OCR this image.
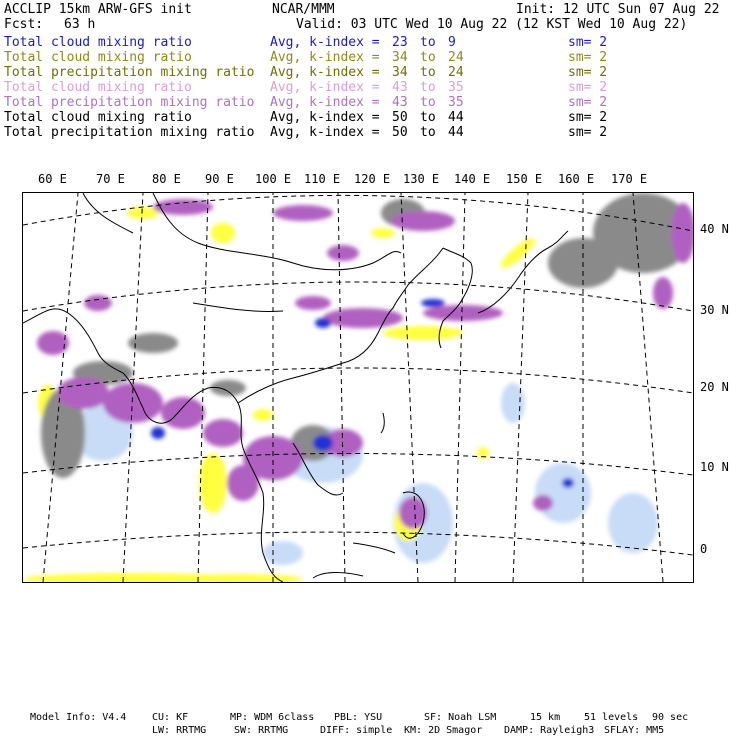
ACCLIP 15km ARW-GFS init	NCAR/MMM	Init: 12 UTC Sun 07 Aug 22
Fcst: 63 h	Valid: 03 UTC Wed 10 Aug 22 (12 KST Wed 10 Aug 22)
Total cloud mixing ratio	Avg, k-index = 23 to 9	sm= 2
Total cloud mixing ratio	Avg, k-index = 34 to 24	sm= 2
Total precipitation mixing ratio Avg, k-index = 34 to 24	sm= 2
Total cloud mixing ratio	Avg, k-index = 43 to 35	sm= 2
Total precipitation mixing ratio Avg, k-index = 43 to 35	sm= 2
Total cloud mixing ratio	Avg, k-index = 50 to 44	sm= 2
Total precipitation mixing ratio Avg, k-index = 50 to 44	sm= 2
60 E 70 E 80 E 90 E 100 E 110 E 120 E 130 E 140 E 150 E 160 E 170 E
40 N
30 N
20 N
10 N
0
Model Info: V4.4	CU: KF	MP: WDM 6class PBL: YSU	SF: Noah LSM	15 km 51 levels 90 sec
LW: RRTMG	SW: RRTMG	DIFF: simple KM: 2D Smagor DAMP: Rayleigh3 SFLAY: MM5
